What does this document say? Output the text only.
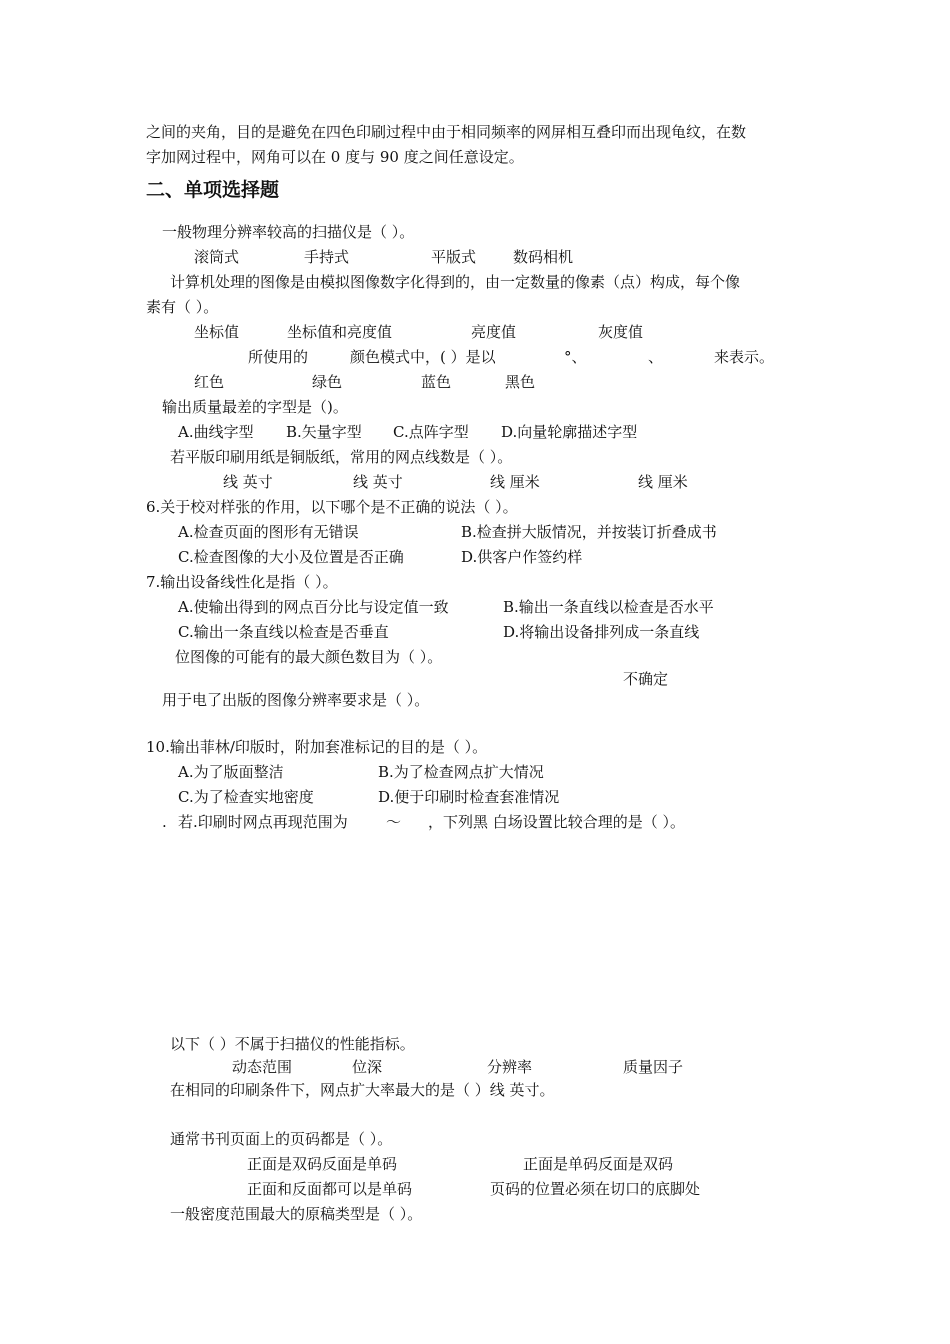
之间的夹角，目的是避免在四色印刷过程中由于相同频率的网屏相互叠印而出现龟纹，在数
字加网过程中，网角可以在 0 度与 90 度之间任意设定。
二、单项选择题
一般物理分辨率较高的扫描仪是（ ）。
滚筒式	手持式	平版式 数码相机
计算机处理的图像是由模拟图像数字化得到的，由一定数量的像素（点）构成，每个像
素有（ ）。
坐标值	坐标值和亮度值	亮度值	灰度值
所使用的	颜色模式中，( ）是以	°、	、	来表示。
红色	绿色	蓝色	黑色
输出质量最差的字型是（)。
A.曲线字型 B.矢量字型 C.点阵字型 D.向量轮廓描述字型
若平版印刷用纸是铜版纸，常用的网点线数是（ ）。
线 英寸	线 英寸	线 厘米	线 厘米
6.关于校对样张的作用，以下哪个是不正确的说法（ ）。
A.检查页面的图形有无错误	B.检查拼大版情况，并按装订折叠成书
C.检查图像的大小及位置是否正确	D.供客户作签约样
7.输出设备线性化是指（ ）。
A.使输出得到的网点百分比与设定值一致	B.输出一条直线以检查是否水平
C.输出一条直线以检查是否垂直	D.将输出设备排列成一条直线
位图像的可能有的最大颜色数目为（ ）。
不确定
用于电了出版的图像分辨率要求是（ ）。
10.输出菲林/印版时，附加套准标记的目的是（ ）。
A.为了版面整洁	B.为了检查网点扩大情况
C.为了检查实地密度	D.便于印刷时检查套准情况
. 若.印刷时网点再现范围为	～ ，下列黑 白场设置比较合理的是（ ）。
以下（ ）不属于扫描仪的性能指标。
动态范围	位深	分辨率	质量因子
在相同的印刷条件下，网点扩大率最大的是（ ）线 英寸。
通常书刊页面上的页码都是（ ）。
正面是双码反面是单码	正面是单码反面是双码
正面和反面都可以是单码	页码的位置必须在切口的底脚处
一般密度范围最大的原稿类型是（ ）。
